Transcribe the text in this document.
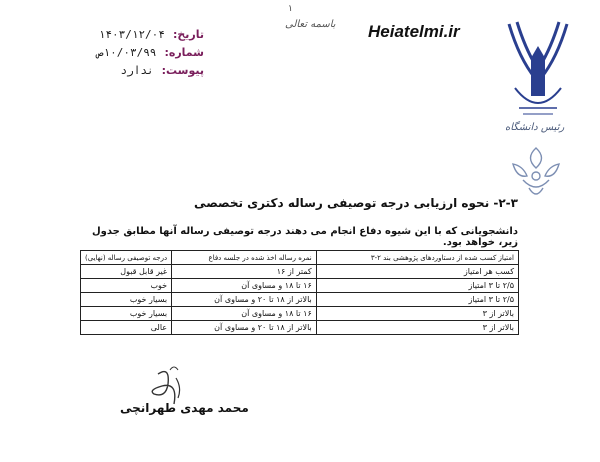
۱
باسمه تعالی Heiatelmi.ir
تاریخ:۱۴۰۳/۱۲/۰۴
شماره:۱۰/۰۳/۹۹ص
پیوست:ندارد
رئیس دانشگاه
۲-۳- نحوه ارزیابی درجه توصیفی رساله دکتری تخصصی
دانشجویانی که با این شیوه دفاع انجام می دهند درجه توصیفی رساله آنها مطابق جدول زیر، خواهد بود.
امتیاز کسب شده از دستاوردهای پژوهشی بند ۲-۳	نمره رساله اخذ شده در جلسه دفاع	درجه توصیفی رساله (نهایی)
کسب هر امتیاز	کمتر از ۱۶	غیر قابل قبول
۲/۵ تا ۳ امتیاز	۱۶ تا ۱۸ و مساوی آن	خوب
۲/۵ تا ۳ امتیاز	بالاتر از ۱۸ تا ۲۰ و مساوی آن	بسیار خوب
بالاتر از ۳	۱۶ تا ۱۸ و مساوی آن	بسیار خوب
بالاتر از ۳	بالاتر از ۱۸ تا ۲۰ و مساوی آن	عالی
محمد مهدی طهرانچی
